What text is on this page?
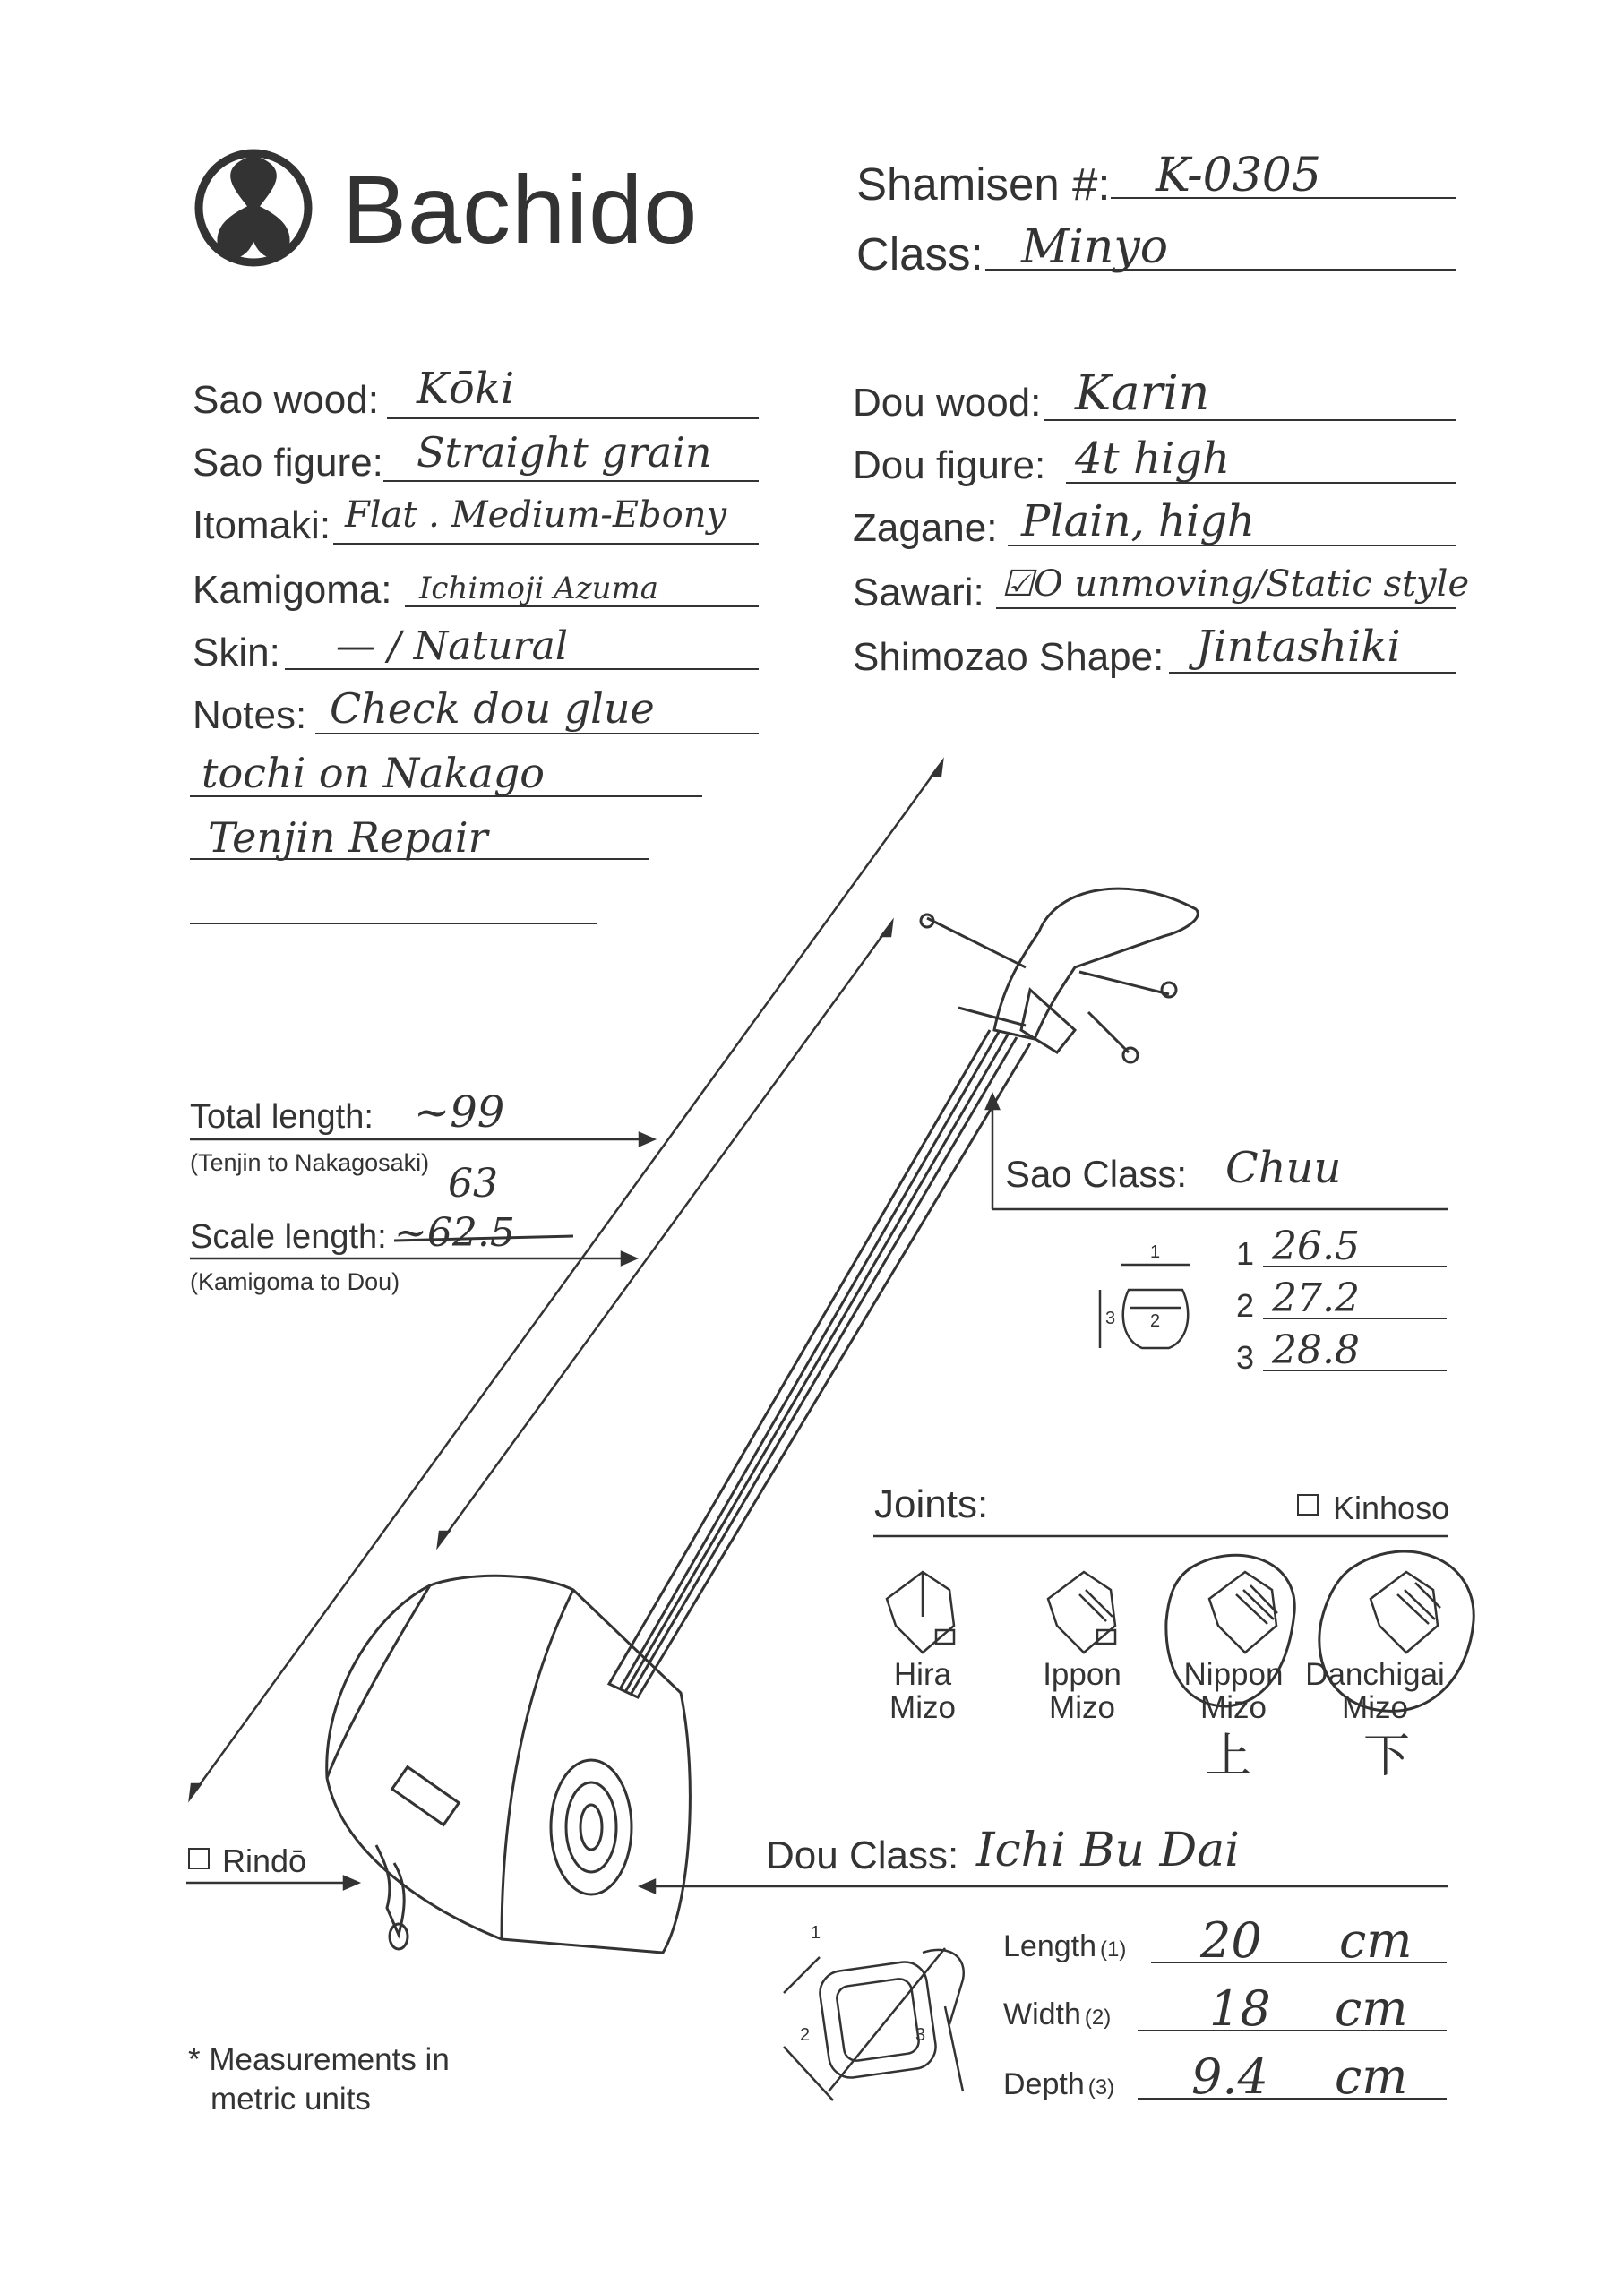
Bachido	Shamisen #: K-0305
Class: Minyo
Sao wood: Kōki
Sao figure: Straight grain
Itomaki: Flat . Medium-Ebony
Kamigoma: Ichimoji Azuma
Skin: — / Natural
Notes: Check dou glue
tochi on Nakago
Tenjin Repair
Dou wood: Karin
Dou figure: 4t high
Zagane: Plain, high
Sawari: ☑O unmoving/Static style
Shimozao Shape: Jintashiki
Total length: ~99
(Tenjin to Nakagosaki) 63
Scale length: ~62.5
(Kamigoma to Dou)
Sao Class: Chuu
1
2
3
1 26.5
2 27.2
3 28.8
Joints:	Kinhoso
Hira
Mizo
Ippon
Mizo
Nippon
Mizo
Danchigai
Mizo
上 下
Rindō	Dou Class: Ichi Bu Dai
1
2	3
Length (1) 20 cm
Width (2) 18 cm
Depth (3) 9.4 cm
* Measurements in
metric units
